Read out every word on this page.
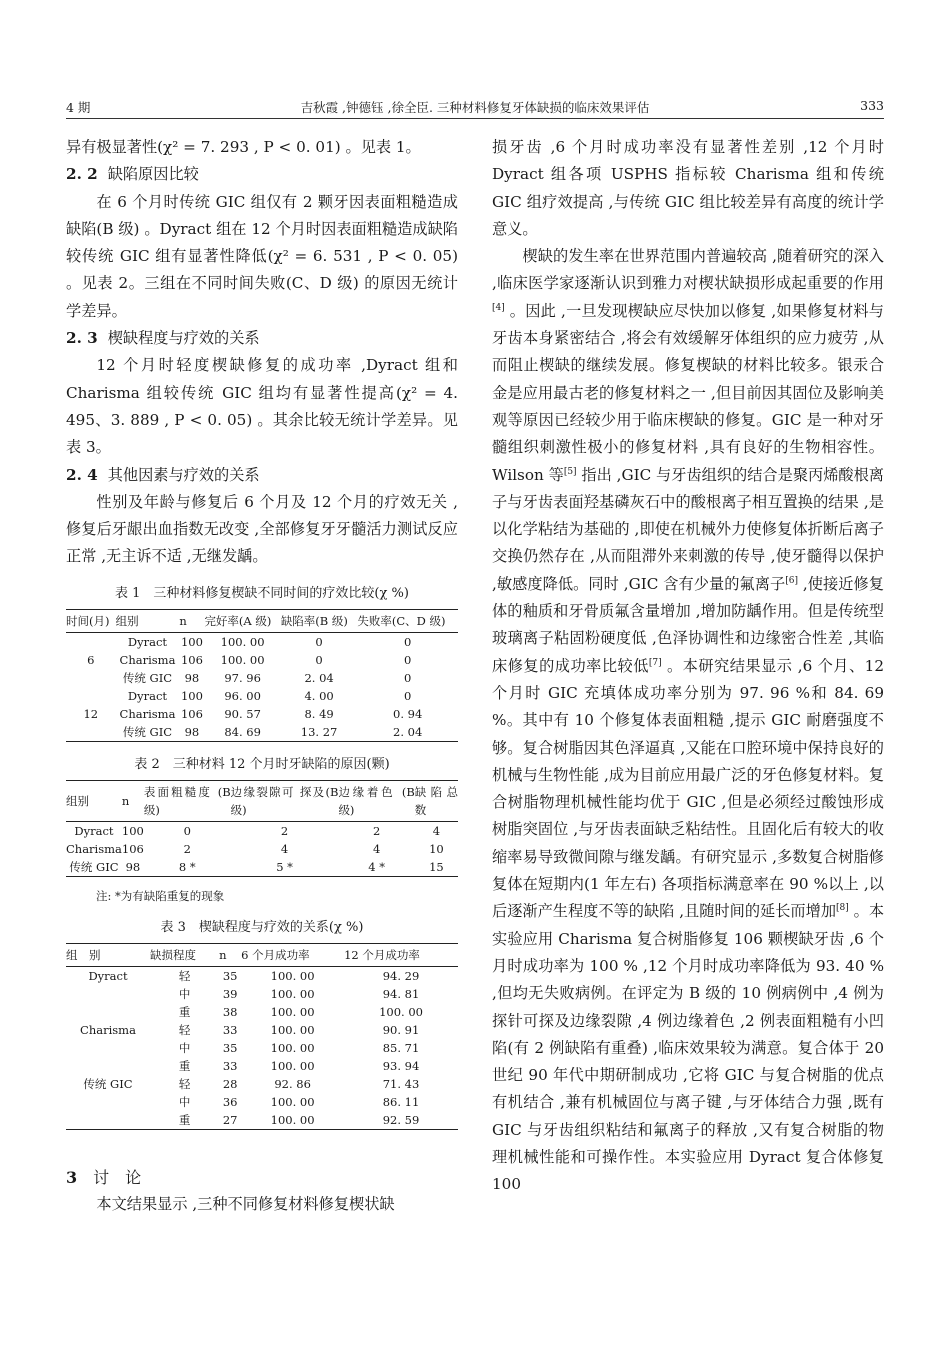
4 期	吉秋霞 ,钟德钰 ,徐全臣. 三种材料修复牙体缺损的临床效果评估	333

异有极显著性(χ² = 7. 293 , P < 0. 01) 。见表 1。

2. 2 缺陷原因比较

在 6 个月时传统 GIC 组仅有 2 颗牙因表面粗糙造成缺陷(B 级) 。Dyract 组在 12 个月时因表面粗糙造成缺陷较传统 GIC 组有显著性降低(χ² = 6. 531 , P < 0. 05) 。见表 2。三组在不同时间失败(C、D 级) 的原因无统计学差异。

2. 3 楔缺程度与疗效的关系

12 个月时轻度楔缺修复的成功率 ,Dyract 组和 Charisma 组较传统 GIC 组均有显著性提高(χ² = 4. 495、3. 889 , P < 0. 05) 。其余比较无统计学差异。见表 3。

2. 4 其他因素与疗效的关系

性别及年龄与修复后 6 个月及 12 个月的疗效无关 ,修复后牙龈出血指数无改变 ,全部修复牙牙髓活力测试反应正常 ,无主诉不适 ,无继发龋。

表 1　三种材料修复楔缺不同时间的疗效比较(χ %)
时间(月)	组别	n	完好率(A 级)	缺陷率(B 级)	失败率(C、D 级)
	Dyract	100	100. 00	0	0
6	Charisma	106	100. 00	0	0
	传统 GIC	98	97. 96	2. 04	0
	Dyract	100	96. 00	4. 00	0
12	Charisma	106	90. 57	8. 49	0. 94
	传统 GIC	98	84. 69	13. 27	2. 04
表 2　三种材料 12 个月时牙缺陷的原因(颗)
组别	n	表面粗糙度 (B 级)	边缘裂隙可 探及(B 级)	边缘着色 (B 级)	缺陷总数
Dyract	100	0	2	2	4
Charisma	106	2	4	4	10
传统 GIC	98	8 *	5 *	4 *	15
注: *为有缺陷重复的现象
表 3　楔缺程度与疗效的关系(χ %)
组　别	缺损程度	n	6 个月成功率	12 个月成功率
Dyract	轻	35	100. 00	94. 29
	中	39	100. 00	94. 81
	重	38	100. 00	100. 00
Charisma	轻	33	100. 00	90. 91
	中	35	100. 00	85. 71
	重	33	100. 00	93. 94
传统 GIC	轻	28	92. 86	71. 43
	中	36	100. 00	86. 11
	重	27	100. 00	92. 59

3 讨　论

本文结果显示 ,三种不同修复材料修复楔状缺

损牙齿 ,6 个月时成功率没有显著性差别 ,12 个月时 Dyract 组各项 USPHS 指标较 Charisma 组和传统 GIC 组疗效提高 ,与传统 GIC 组比较差异有高度的统计学意义。

楔缺的发生率在世界范围内普遍较高 ,随着研究的深入 ,临床医学家逐渐认识到雅力对楔状缺损形成起重要的作用[4] 。因此 ,一旦发现楔缺应尽快加以修复 ,如果修复材料与牙齿本身紧密结合 ,将会有效缓解牙体组织的应力疲劳 ,从而阻止楔缺的继续发展。修复楔缺的材料比较多。银汞合金是应用最古老的修复材料之一 ,但目前因其固位及影响美观等原因已经较少用于临床楔缺的修复。GIC 是一种对牙髓组织刺激性极小的修复材料 ,具有良好的生物相容性。Wilson 等[5] 指出 ,GIC 与牙齿组织的结合是聚丙烯酸根离子与牙齿表面羟基磷灰石中的酸根离子相互置换的结果 ,是以化学粘结为基础的 ,即使在机械外力使修复体折断后离子交换仍然存在 ,从而阻滞外来刺激的传导 ,使牙髓得以保护 ,敏感度降低。同时 ,GIC 含有少量的氟离子[6] ,使接近修复体的釉质和牙骨质氟含量增加 ,增加防龋作用。但是传统型玻璃离子粘固粉硬度低 ,色泽协调性和边缘密合性差 ,其临床修复的成功率比较低[7] 。本研究结果显示 ,6 个月、12 个月时 GIC 充填体成功率分别为 97. 96 %和 84. 69 %。其中有 10 个修复体表面粗糙 ,提示 GIC 耐磨强度不够。复合树脂因其色泽逼真 ,又能在口腔环境中保持良好的机械与生物性能 ,成为目前应用最广泛的牙色修复材料。复合树脂物理机械性能均优于 GIC ,但是必须经过酸蚀形成树脂突固位 ,与牙齿表面缺乏粘结性。且固化后有较大的收缩率易导致微间隙与继发龋。有研究显示 ,多数复合树脂修复体在短期内(1 年左右) 各项指标满意率在 90 %以上 ,以后逐渐产生程度不等的缺陷 ,且随时间的延长而增加[8] 。本实验应用 Charisma 复合树脂修复 106 颗楔缺牙齿 ,6 个月时成功率为 100 % ,12 个月时成功率降低为 93. 40 % ,但均无失败病例。在评定为 B 级的 10 例病例中 ,4 例为探针可探及边缘裂隙 ,4 例边缘着色 ,2 例表面粗糙有小凹陷(有 2 例缺陷有重叠) ,临床效果较为满意。复合体于 20 世纪 90 年代中期研制成功 ,它将 GIC 与复合树脂的优点有机结合 ,兼有机械固位与离子键 ,与牙体结合力强 ,既有 GIC 与牙齿组织粘结和氟离子的释放 ,又有复合树脂的物理机械性能和可操作性。本实验应用 Dyract 复合体修复 100
